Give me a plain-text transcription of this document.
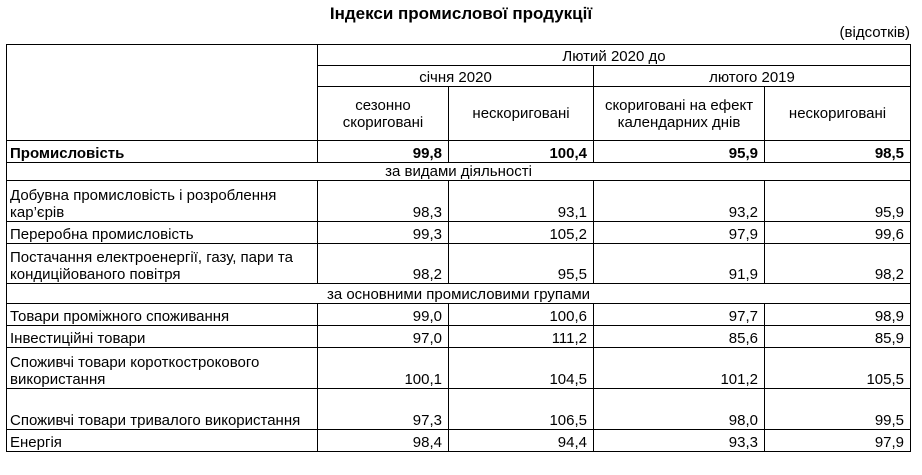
Індекси промислової продукції
(відсотків)
	Лютий 2020 до			
	січня 2020		лютого 2019	
	сезонно скориговані	нескориговані	скориговані на ефект календарних днів	нескориговані
Промисловість	99,8	100,4	95,9	98,5
за видами діяльності				
Добувна промисловість і розроблення кар’єрів	98,3	93,1	93,2	95,9
Переробна промисловість	99,3	105,2	97,9	99,6
Постачання електроенергії, газу, пари та кондиційованого повітря	98,2	95,5	91,9	98,2
за основними промисловими групами				
Товари проміжного споживання	99,0	100,6	97,7	98,9
Інвестиційні товари	97,0	111,2	85,6	85,9
Споживчі товари короткострокового використання	100,1	104,5	101,2	105,5
Споживчі товари тривалого використання	97,3	106,5	98,0	99,5
Енергія	98,4	94,4	93,3	97,9
